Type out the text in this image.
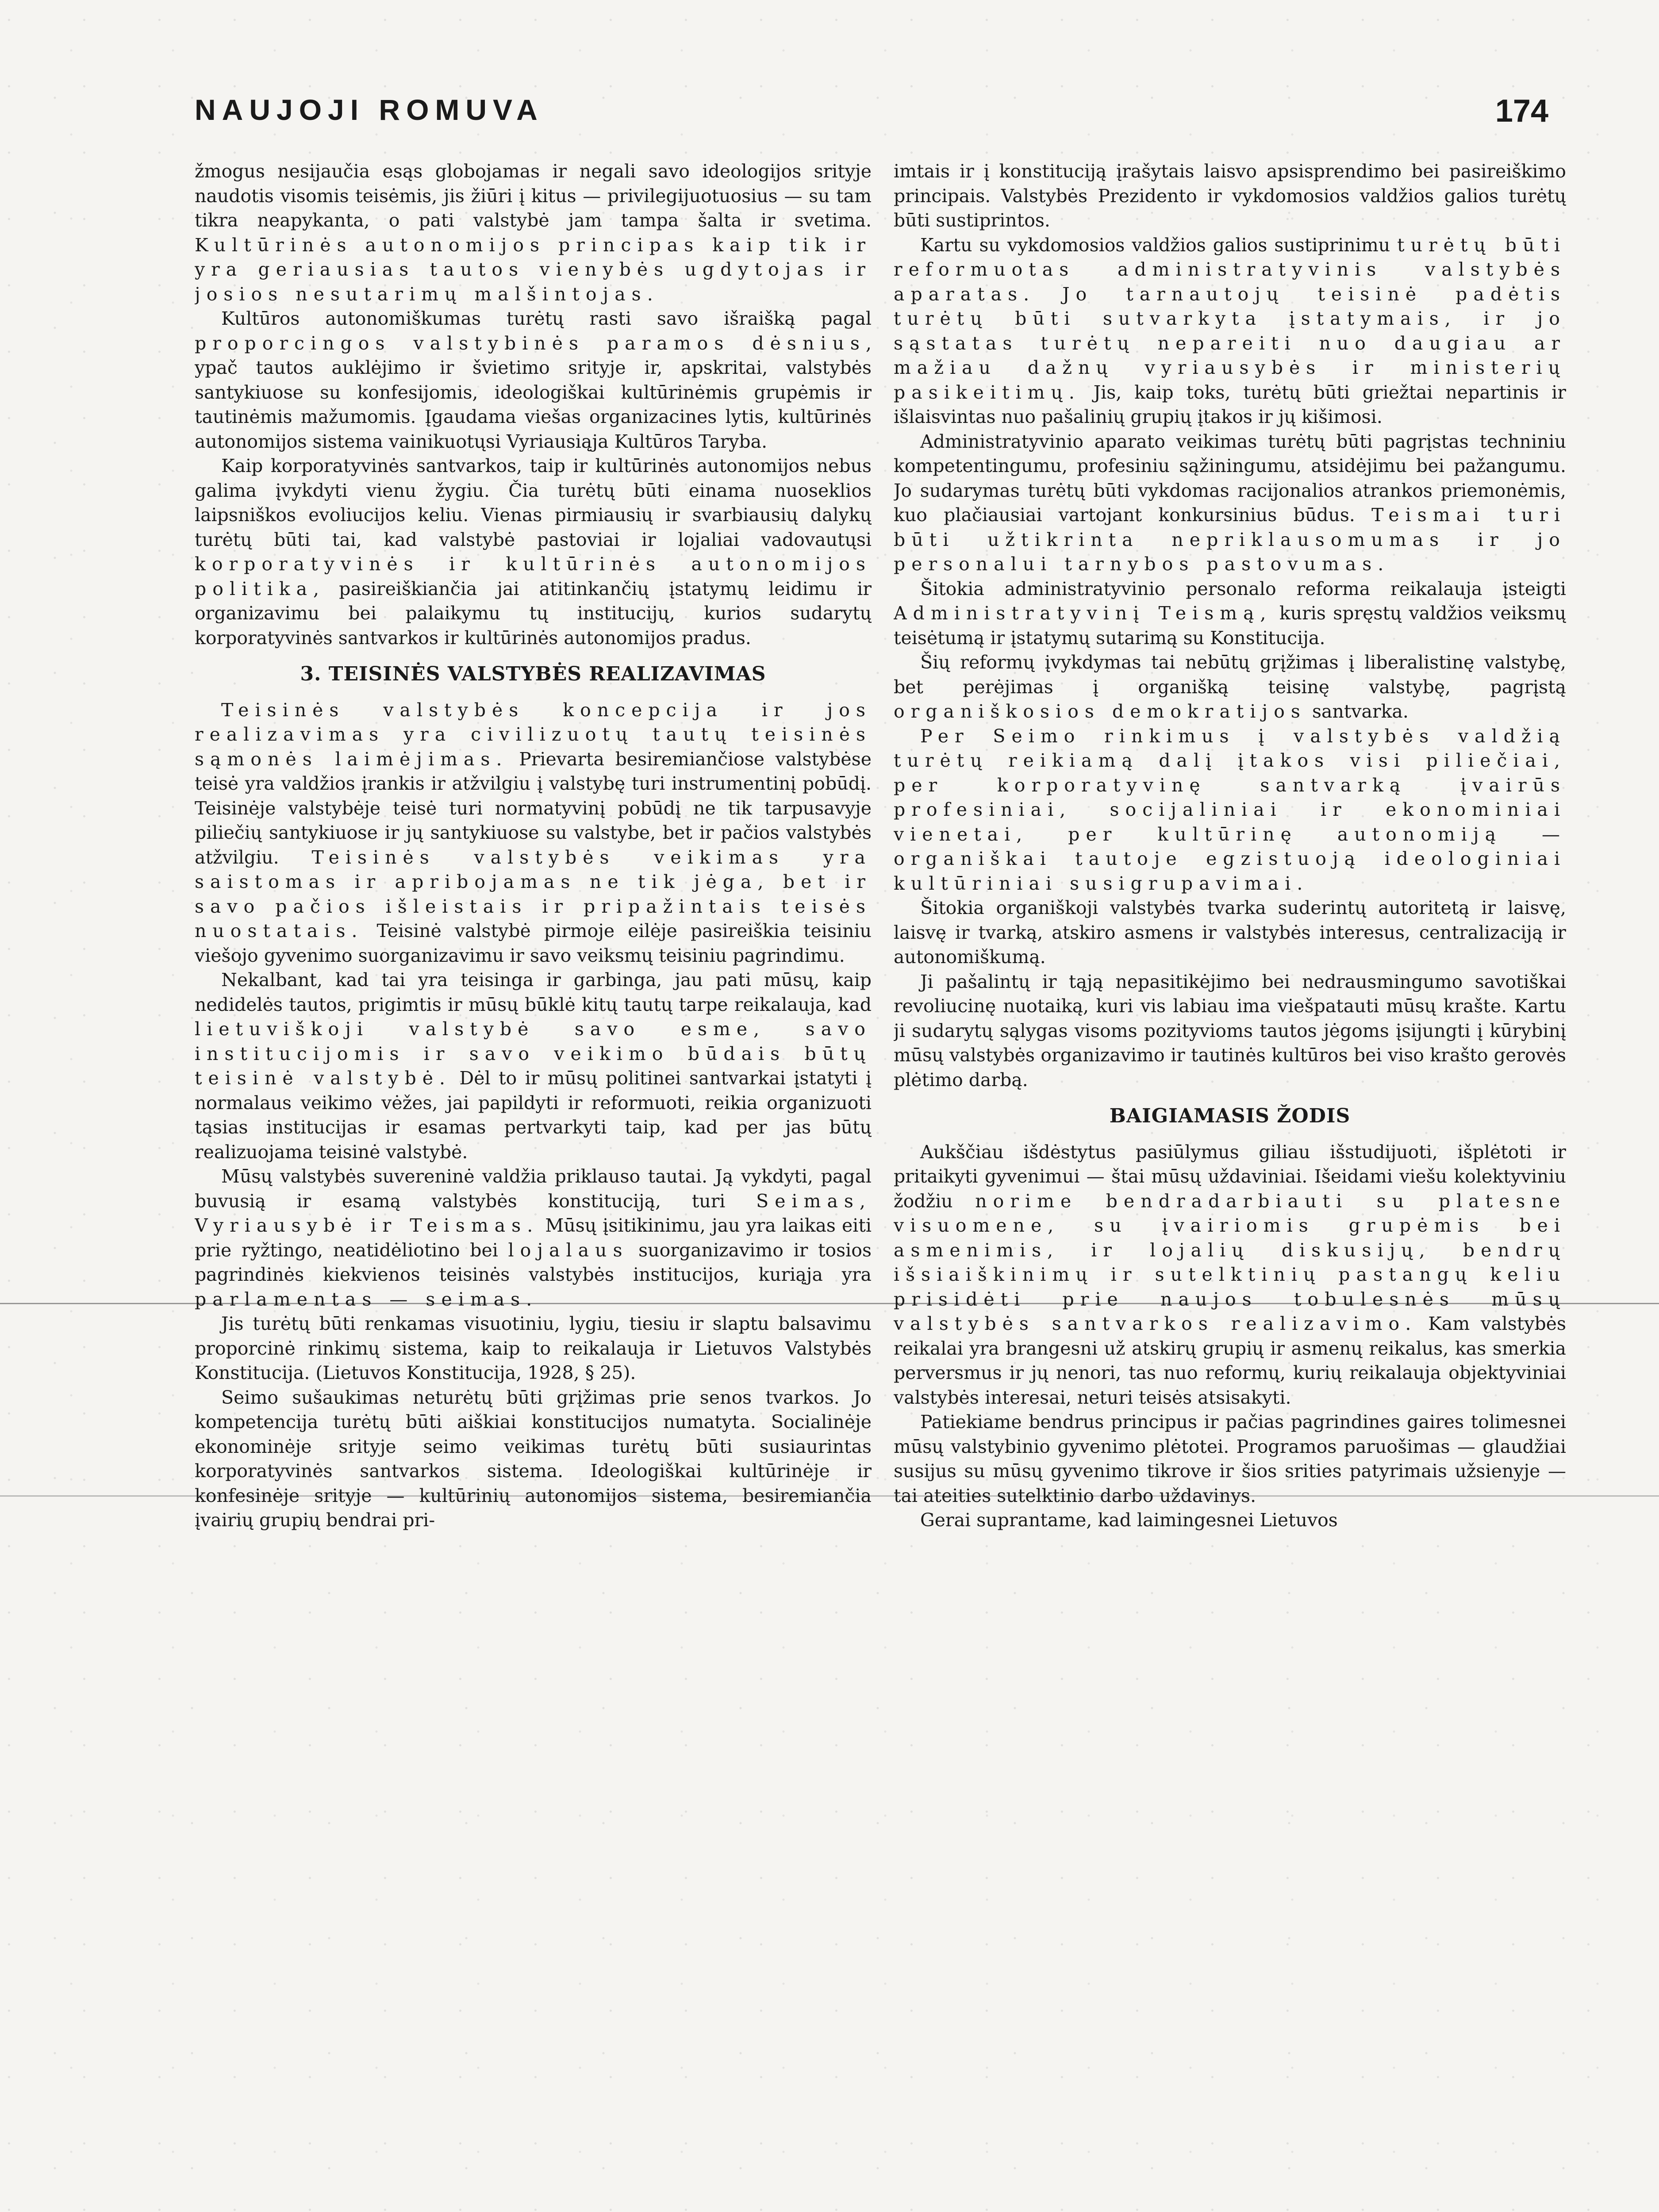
NAUJOJI ROMUVA	174

žmogus nesijaučia esąs globojamas ir negali savo ideologijos srityje naudotis visomis teisėmis, jis žiūri į kitus — privilegijuotuosius — su tam tikra neapykanta, o pati valstybė jam tampa šalta ir svetima. Kultūrinės autonomijos principas kaip tik ir yra geriausias tautos vienybės ugdytojas ir josios nesutarimų malšintojas.

Kultūros autonomiškumas turėtų rasti savo išraišką pagal proporcingos valstybinės paramos dėsnius, ypač tautos auklėjimo ir švietimo srityje ir, apskritai, valstybės santykiuose su konfesijomis, ideologiškai kultūrinėmis grupėmis ir tautinėmis mažumomis. Įgaudama viešas organizacines lytis, kultūrinės autonomijos sistema vainikuotųsi Vyriausiąja Kultūros Taryba.

Kaip korporatyvinės santvarkos, taip ir kultūrinės autonomijos nebus galima įvykdyti vienu žygiu. Čia turėtų būti einama nuoseklios laipsniškos evoliucijos keliu. Vienas pirmiausių ir svarbiausių dalykų turėtų būti tai, kad valstybė pastoviai ir lojaliai vadovautųsi korporatyvinės ir kultūrinės autonomijos politika, pasireiškiančia jai atitinkančių įstatymų leidimu ir organizavimu bei palaikymu tų institucijų, kurios sudarytų korporatyvinės santvarkos ir kultūrinės autonomijos pradus.

3. TEISINĖS VALSTYBĖS REALIZAVIMAS

Teisinės valstybės koncepcija ir jos realizavimas yra civilizuotų tautų teisinės sąmonės laimėjimas. Prievarta besiremiančiose valstybėse teisė yra valdžios įrankis ir atžvilgiu į valstybę turi instrumentinį pobūdį. Teisinėje valstybėje teisė turi normatyvinį pobūdį ne tik tarpusavyje piliečių santykiuose ir jų santykiuose su valstybe, bet ir pačios valstybės atžvilgiu. Teisinės valstybės veikimas yra saistomas ir apribojamas ne tik jėga, bet ir savo pačios išleistais ir pripažintais teisės nuostatais. Teisinė valstybė pirmoje eilėje pasireiškia teisiniu viešojo gyvenimo suorganizavimu ir savo veiksmų teisiniu pagrindimu.

Nekalbant, kad tai yra teisinga ir garbinga, jau pati mūsų, kaip nedidelės tautos, prigimtis ir mūsų būklė kitų tautų tarpe reikalauja, kad lietuviškoji valstybė savo esme, savo institucijomis ir savo veikimo būdais būtų teisinė valstybė. Dėl to ir mūsų politinei santvarkai įstatyti į normalaus veikimo vėžes, jai papildyti ir reformuoti, reikia organizuoti tąsias institucijas ir esamas pertvarkyti taip, kad per jas būtų realizuojama teisinė valstybė.

Mūsų valstybės suvereninė valdžia priklauso tautai. Ją vykdyti, pagal buvusią ir esamą valstybės konstituciją, turi Seimas, Vyriausybė ir Teismas. Mūsų įsitikinimu, jau yra laikas eiti prie ryžtingo, neatidėliotino bei lojalaus suorganizavimo ir tosios pagrindinės kiekvienos teisinės valstybės institucijos, kuriąja yra parlamentas — seimas.

Jis turėtų būti renkamas visuotiniu, lygiu, tiesiu ir slaptu balsavimu proporcinė rinkimų sistema, kaip to reikalauja ir Lietuvos Valstybės Konstitucija. (Lietuvos Konstitucija, 1928, § 25).

Seimo sušaukimas neturėtų būti grįžimas prie senos tvarkos. Jo kompetencija turėtų būti aiškiai konstitucijos numatyta. Socialinėje ekonominėje srityje seimo veikimas turėtų būti susiaurintas korporatyvinės santvarkos sistema. Ideologiškai kultūrinėje ir konfesinėje srityje — kultūrinių autonomijos sistema, besiremiančia įvairių grupių bendrai pri-

imtais ir į konstituciją įrašytais laisvo apsisprendimo bei pasireiškimo principais. Valstybės Prezidento ir vykdomosios valdžios galios turėtų būti sustiprintos.

Kartu su vykdomosios valdžios galios sustiprinimu turėtų būti reformuotas administratyvinis valstybės aparatas. Jo tarnautojų teisinė padėtis turėtų būti sutvarkyta įstatymais, ir jo sąstatas turėtų nepareiti nuo daugiau ar mažiau dažnų vyriausybės ir ministerių pasikeitimų. Jis, kaip toks, turėtų būti griežtai nepartinis ir išlaisvintas nuo pašalinių grupių įtakos ir jų kišimosi.

Administratyvinio aparato veikimas turėtų būti pagrįstas techniniu kompetentingumu, profesiniu sąžiningumu, atsidėjimu bei pažangumu. Jo sudarymas turėtų būti vykdomas racijonalios atrankos priemonėmis, kuo plačiausiai vartojant konkursinius būdus. Teismai turi būti užtikrinta nepriklausomumas ir jo personalui tarnybos pastovumas.

Šitokia administratyvinio personalo reforma reikalauja įsteigti Administratyvinį Teismą, kuris spręstų valdžios veiksmų teisėtumą ir įstatymų sutarimą su Konstitucija.

Šių reformų įvykdymas tai nebūtų grįžimas į liberalistinę valstybę, bet perėjimas į organišką teisinę valstybę, pagrįstą organiškosios demokratijos santvarka.

Per Seimo rinkimus į valstybės valdžią turėtų reikiamą dalį įtakos visi piliečiai, per korporatyvinę santvarką įvairūs profesiniai, socijaliniai ir ekonominiai vienetai, per kultūrinę autonomiją — organiškai tautoje egzistuoją ideologiniai kultūriniai susigrupavimai.

Šitokia organiškoji valstybės tvarka suderintų autoritetą ir laisvę, laisvę ir tvarką, atskiro asmens ir valstybės interesus, centralizaciją ir autonomiškumą.

Ji pašalintų ir tąją nepasitikėjimo bei nedrausmingumo savotiškai revoliucinę nuotaiką, kuri vis labiau ima viešpatauti mūsų krašte. Kartu ji sudarytų sąlygas visoms pozityvioms tautos jėgoms įsijungti į kūrybinį mūsų valstybės organizavimo ir tautinės kultūros bei viso krašto gerovės plėtimo darbą.

BAIGIAMASIS ŽODIS

Aukščiau išdėstytus pasiūlymus giliau išstudijuoti, išplėtoti ir pritaikyti gyvenimui — štai mūsų uždaviniai. Išeidami viešu kolektyviniu žodžiu norime bendradarbiauti su platesne visuomene, su įvairiomis grupėmis bei asmenimis, ir lojalių diskusijų, bendrų išsiaiškinimų ir sutelktinių pastangų keliu prisidėti prie naujos tobulesnės mūsų valstybės santvarkos realizavimo. Kam valstybės reikalai yra brangesni už atskirų grupių ir asmenų reikalus, kas smerkia perversmus ir jų nenori, tas nuo reformų, kurių reikalauja objektyviniai valstybės interesai, neturi teisės atsisakyti.

Patiekiame bendrus principus ir pačias pagrindines gaires tolimesnei mūsų valstybinio gyvenimo plėtotei. Programos paruošimas — glaudžiai susijus su mūsų gyvenimo tikrove ir šios srities patyrimais užsienyje — tai ateities sutelktinio darbo uždavinys.

Gerai suprantame, kad laimingesnei Lietuvos
